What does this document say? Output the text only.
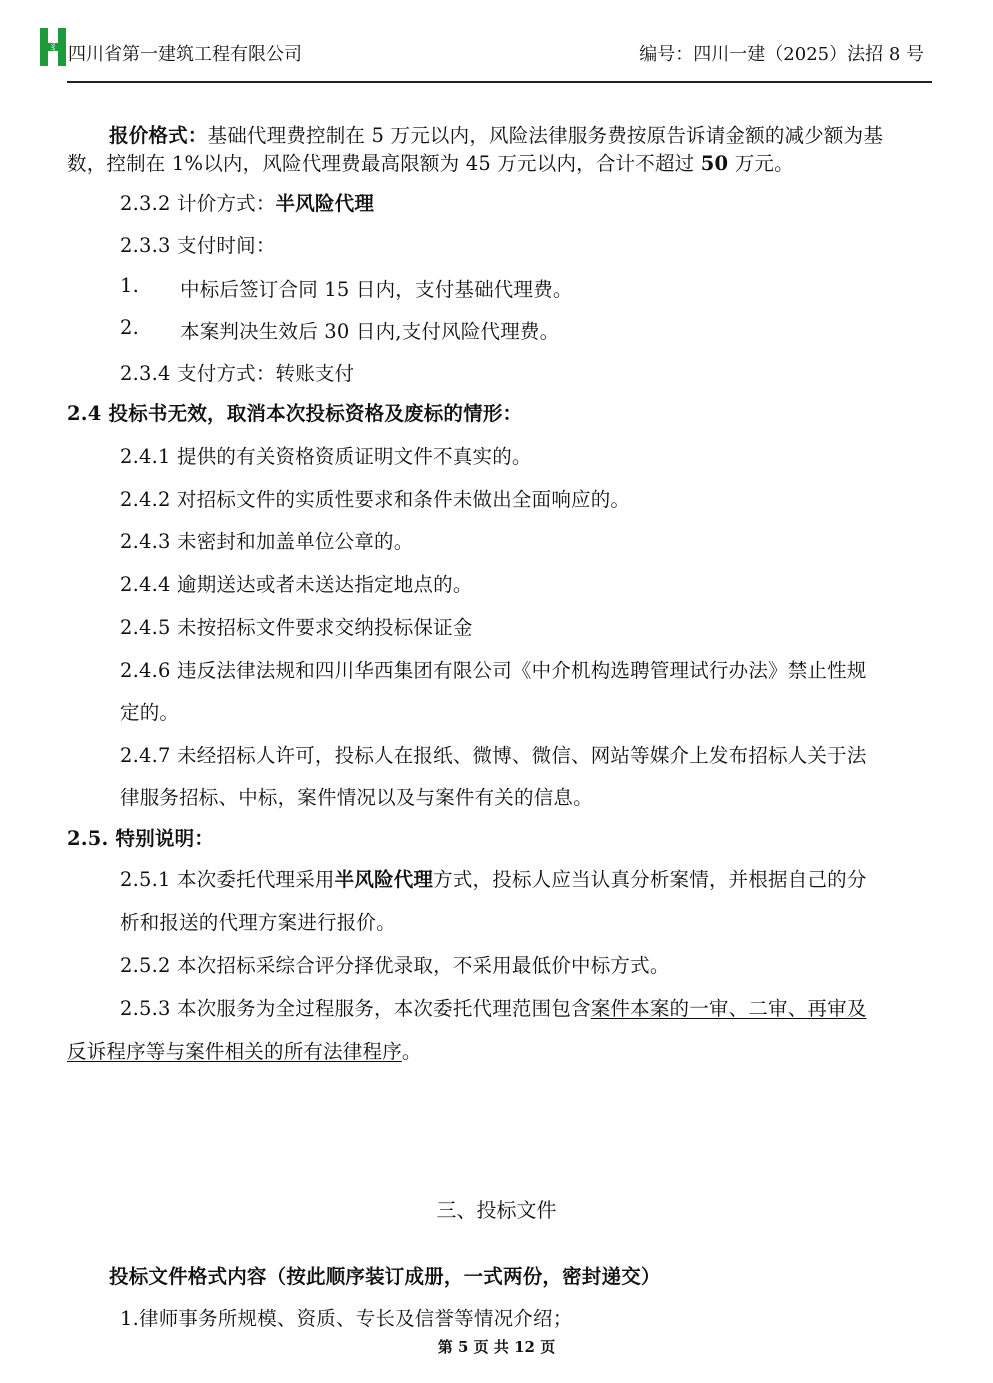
HUASHI 四川省第一建筑工程有限公司	编号：四川一建（2025）法招 8 号
报价格式：基础代理费控制在 5 万元以内，风险法律服务费按原告诉请金额的减少额为基
数，控制在 1%以内，风险代理费最高限额为 45 万元以内，合计不超过 50 万元。
2.3.2 计价方式：半风险代理
2.3.3 支付时间：
1. 中标后签订合同 15 日内，支付基础代理费。
2. 本案判决生效后 30 日内,支付风险代理费。
2.3.4 支付方式：转账支付
2.4 投标书无效，取消本次投标资格及废标的情形：
2.4.1 提供的有关资格资质证明文件不真实的。
2.4.2 对招标文件的实质性要求和条件未做出全面响应的。
2.4.3 未密封和加盖单位公章的。
2.4.4 逾期送达或者未送达指定地点的。
2.4.5 未按招标文件要求交纳投标保证金
2.4.6 违反法律法规和四川华西集团有限公司《中介机构选聘管理试行办法》禁止性规
定的。
2.4.7 未经招标人许可，投标人在报纸、微博、微信、网站等媒介上发布招标人关于法
律服务招标、中标，案件情况以及与案件有关的信息。
2.5. 特别说明：
2.5.1 本次委托代理采用半风险代理方式，投标人应当认真分析案情，并根据自己的分
析和报送的代理方案进行报价。
2.5.2 本次招标采综合评分择优录取，不采用最低价中标方式。
2.5.3 本次服务为全过程服务，本次委托代理范围包含案件本案的一审、二审、再审及
反诉程序等与案件相关的所有法律程序。
三、投标文件
投标文件格式内容（按此顺序装订成册，一式两份，密封递交）
1.律师事务所规模、资质、专长及信誉等情况介绍；
第 5 页 共 12 页
